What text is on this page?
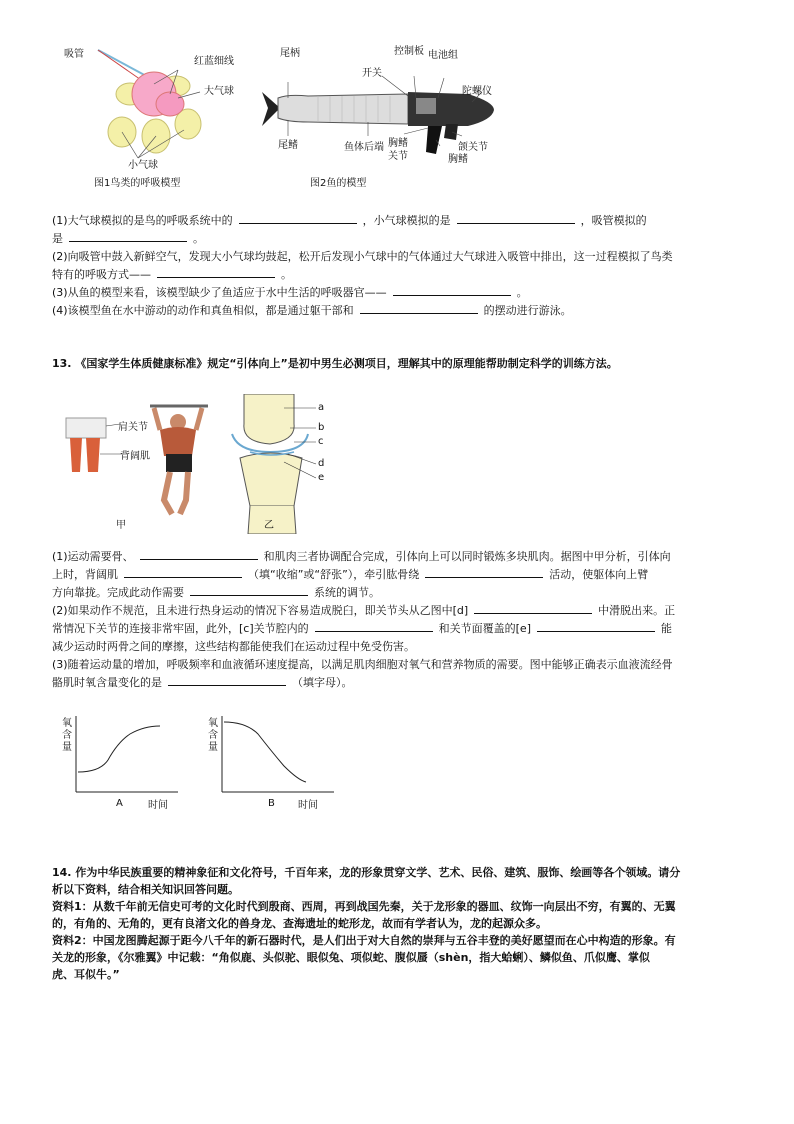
吸管
红蓝细线
大气球
小气球
图1鸟类的呼吸模型
尾柄
开关
控制板 电池组
陀螺仪
尾鳍	鱼体后端 胸鳍
关节
颌关节
胸鳍
图2鱼的模型
(1)大气球模拟的是鸟的呼吸系统中的	，小气球模拟的是	，吸管模拟的
是	。
(2)向吸管中鼓入新鲜空气，发现大小气球均鼓起，松开后发现小气球中的气体通过大气球进入吸管中排出，这一过程模拟了鸟类
特有的呼吸方式——	。
(3)从鱼的模型来看，该模型缺少了鱼适应于水中生活的呼吸器官——	。
(4)该模型鱼在水中游动的动作和真鱼相似，都是通过躯干部和	的摆动进行游泳。
13. 《国家学生体质健康标准》规定“引体向上”是初中男生必测项目，理解其中的原理能帮助制定科学的训练方法。
肩关节
背阔肌
甲
a
b
c
d
e
乙
(1)运动需要骨、	和肌肉三者协调配合完成，引体向上可以同时锻炼多块肌肉。据图中甲分析，引体向
上时，背阔肌	（填“收缩”或“舒张”），牵引肱骨绕	活动，使躯体向上臂
方向靠拢。完成此动作需要	系统的调节。
(2)如果动作不规范，且未进行热身运动的情况下容易造成脱臼，即关节头从乙图中[d]	中滑脱出来。正
常情况下关节的连接非常牢固，此外，[c]关节腔内的	和关节面覆盖的[e]	能
减少运动时两骨之间的摩擦，这些结构都能使我们在运动过程中免受伤害。
(3)随着运动量的增加，呼吸频率和血液循环速度提高，以满足肌肉细胞对氧气和营养物质的需要。图中能够正确表示血液流经骨
骼肌时氧含量变化的是	（填字母）。
氧含量
时间
A
氧含量
时间
B
14. 作为中华民族重要的精神象征和文化符号，千百年来，龙的形象贯穿文学、艺术、民俗、建筑、服饰、绘画等各个领域。请分
析以下资料，结合相关知识回答问题。
资料1：从数千年前无信史可考的文化时代到殷商、西周，再到战国先秦，关于龙形象的器皿、纹饰一向层出不穷，有翼的、无翼
的，有角的、无角的，更有良渚文化的兽身龙、查海遗址的蛇形龙，故而有学者认为，龙的起源众多。
资料2：中国龙图腾起源于距今八千年的新石器时代，是人们出于对大自然的崇拜与五谷丰登的美好愿望而在心中构造的形象。有
关龙的形象，《尔雅翼》中记载：“角似鹿、头似驼、眼似兔、项似蛇、腹似蜃（shèn，指大蛤蜊）、鳞似鱼、爪似鹰、掌似
虎、耳似牛。”
